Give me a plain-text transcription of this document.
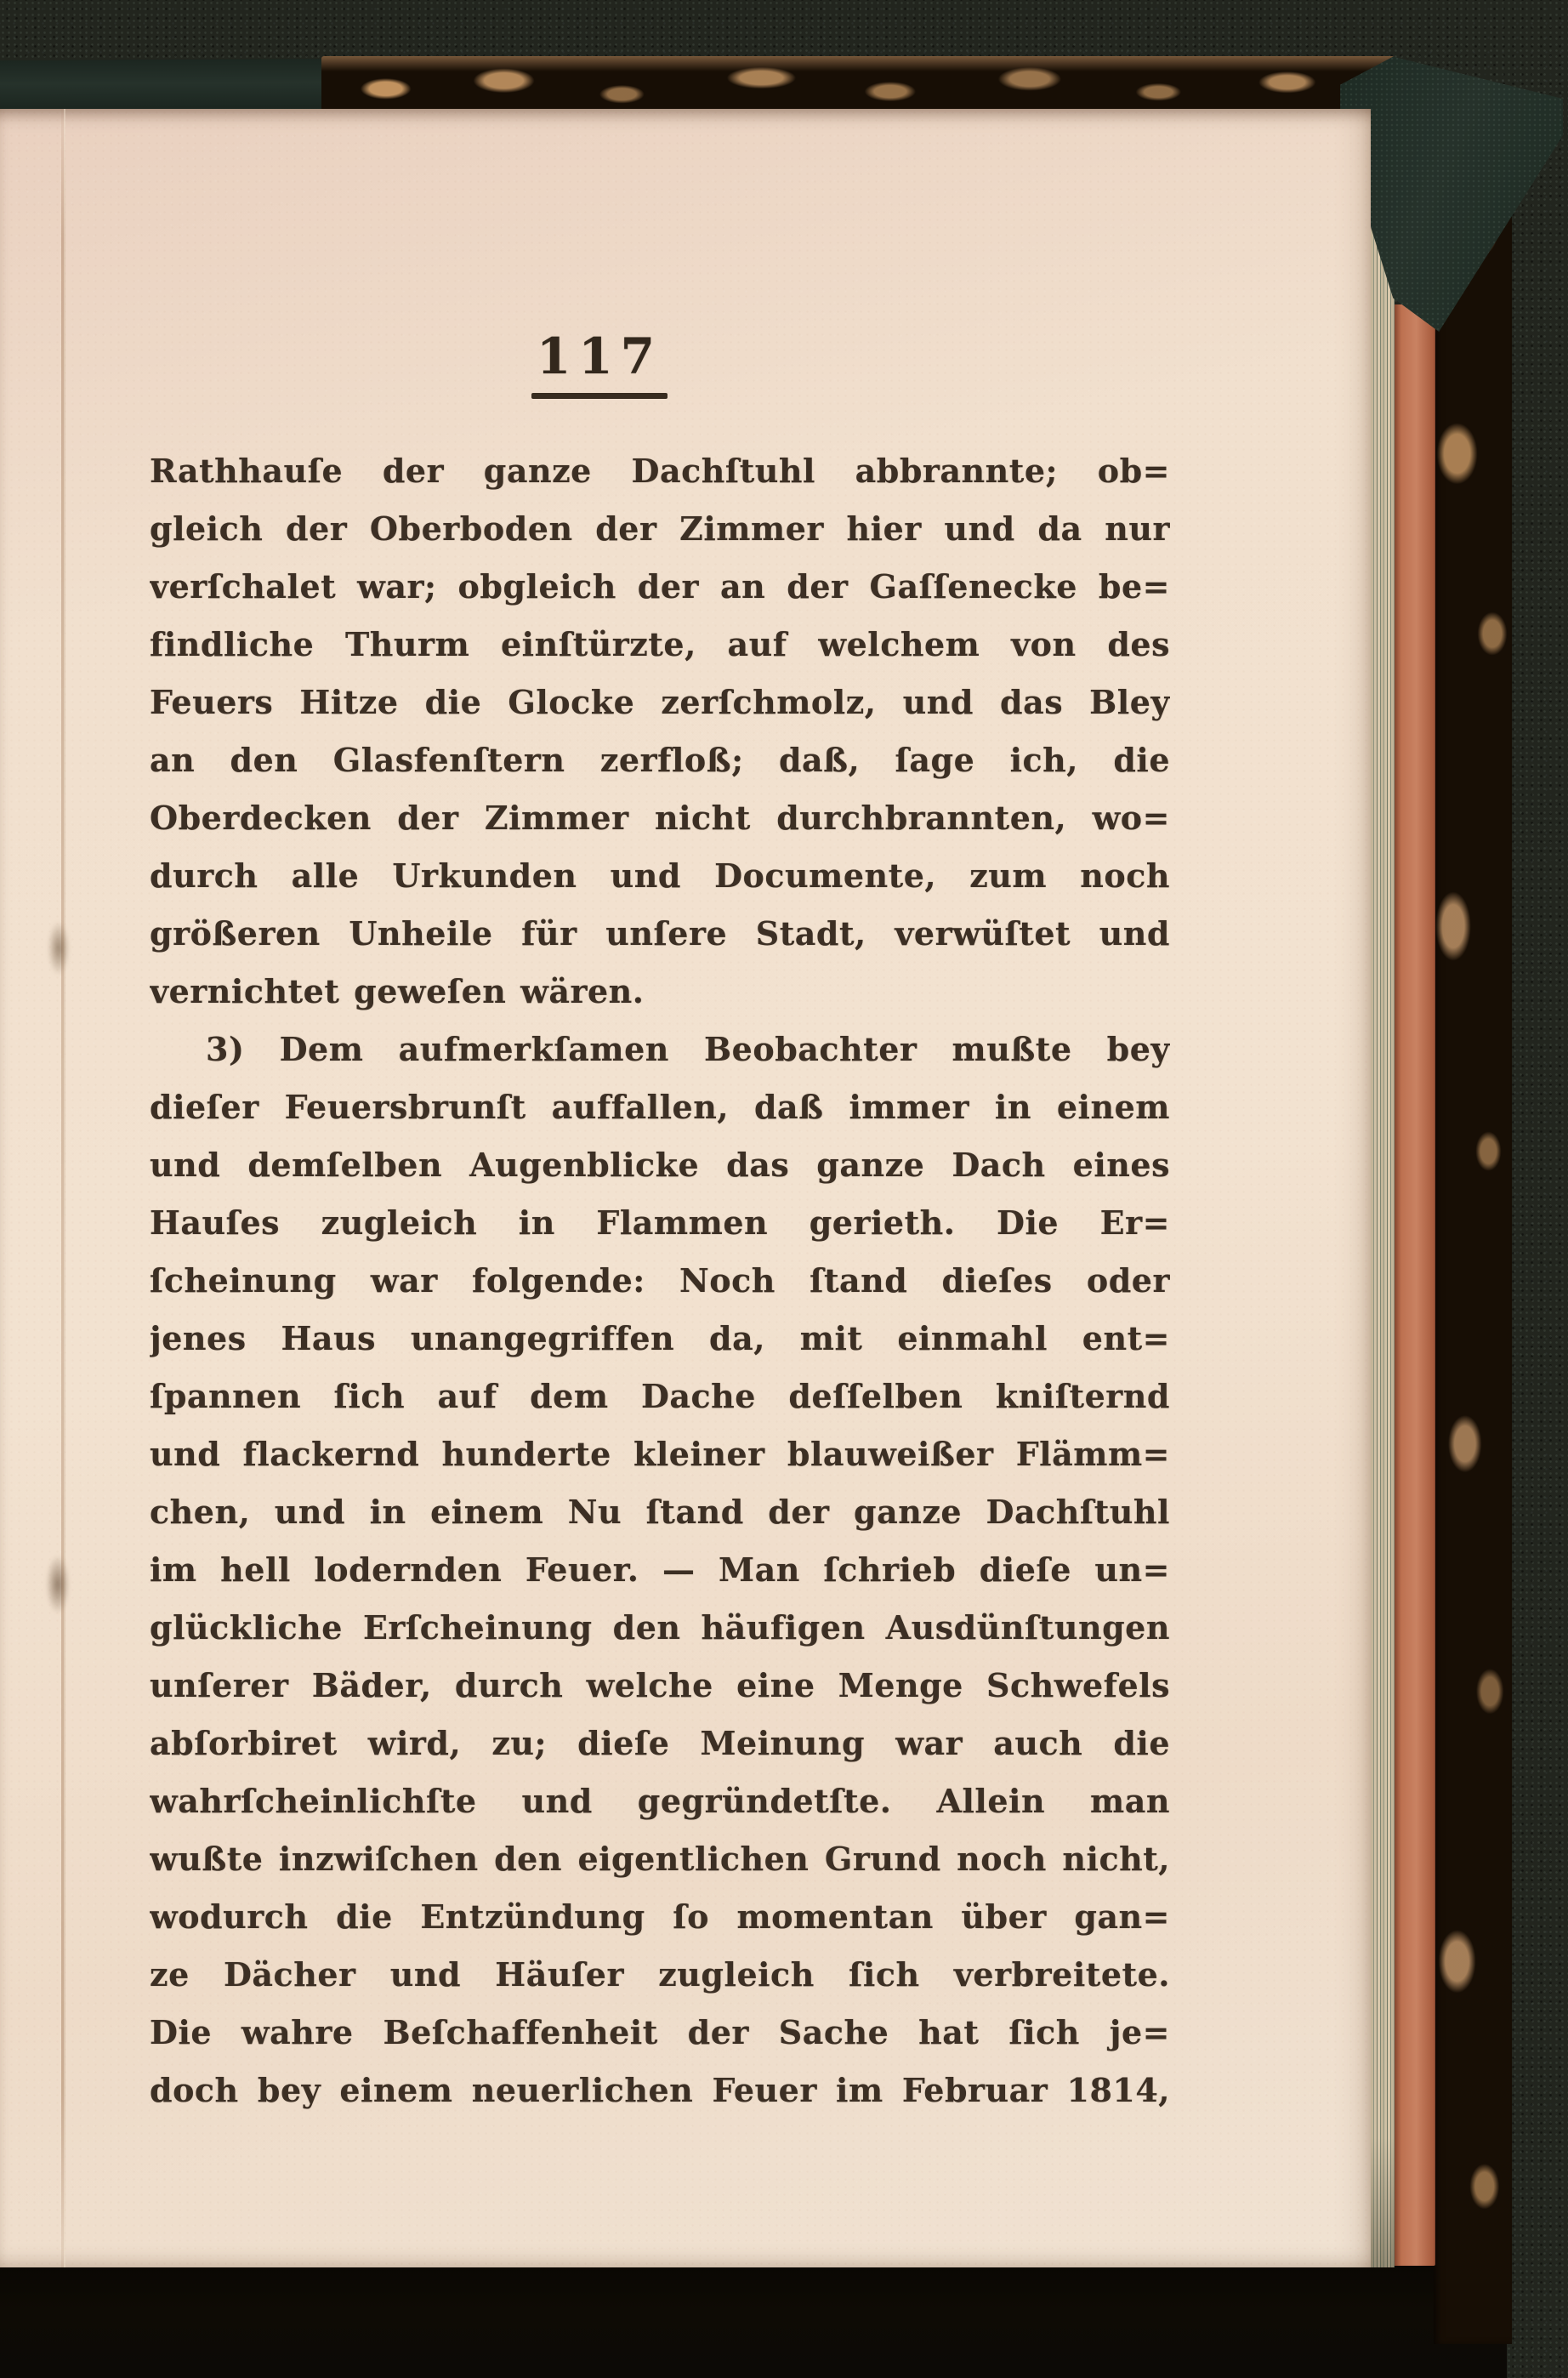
117
Rathhauſe der ganze Dachſtuhl abbrannte; ob=
gleich der Oberboden der Zimmer hier und da nur
verſchalet war; obgleich der an der Gaſſenecke be=
findliche Thurm einſtürzte, auf welchem von des
Feuers Hitze die Glocke zerſchmolz, und das Bley
an den Glasfenſtern zerfloß; daß, ſage ich, die
Oberdecken der Zimmer nicht durchbrannten, wo=
durch alle Urkunden und Documente, zum noch
größeren Unheile für unſere Stadt, verwüſtet und
vernichtet geweſen wären.
3) Dem aufmerkſamen Beobachter mußte bey
dieſer Feuersbrunſt auffallen, daß immer in einem
und demſelben Augenblicke das ganze Dach eines
Hauſes zugleich in Flammen gerieth. Die Er=
ſcheinung war folgende: Noch ſtand dieſes oder
jenes Haus unangegriffen da, mit einmahl ent=
ſpannen ſich auf dem Dache deſſelben kniſternd
und flackernd hunderte kleiner blauweißer Flämm=
chen, und in einem Nu ſtand der ganze Dachſtuhl
im hell lodernden Feuer. — Man ſchrieb dieſe un=
glückliche Erſcheinung den häufigen Ausdünſtungen
unſerer Bäder, durch welche eine Menge Schwefels
abſorbiret wird, zu; dieſe Meinung war auch die
wahrſcheinlichſte und gegründetſte. Allein man
wußte inzwiſchen den eigentlichen Grund noch nicht,
wodurch die Entzündung ſo momentan über gan=
ze Dächer und Häuſer zugleich ſich verbreitete.
Die wahre Beſchaffenheit der Sache hat ſich je=
doch bey einem neuerlichen Feuer im Februar 1814,
